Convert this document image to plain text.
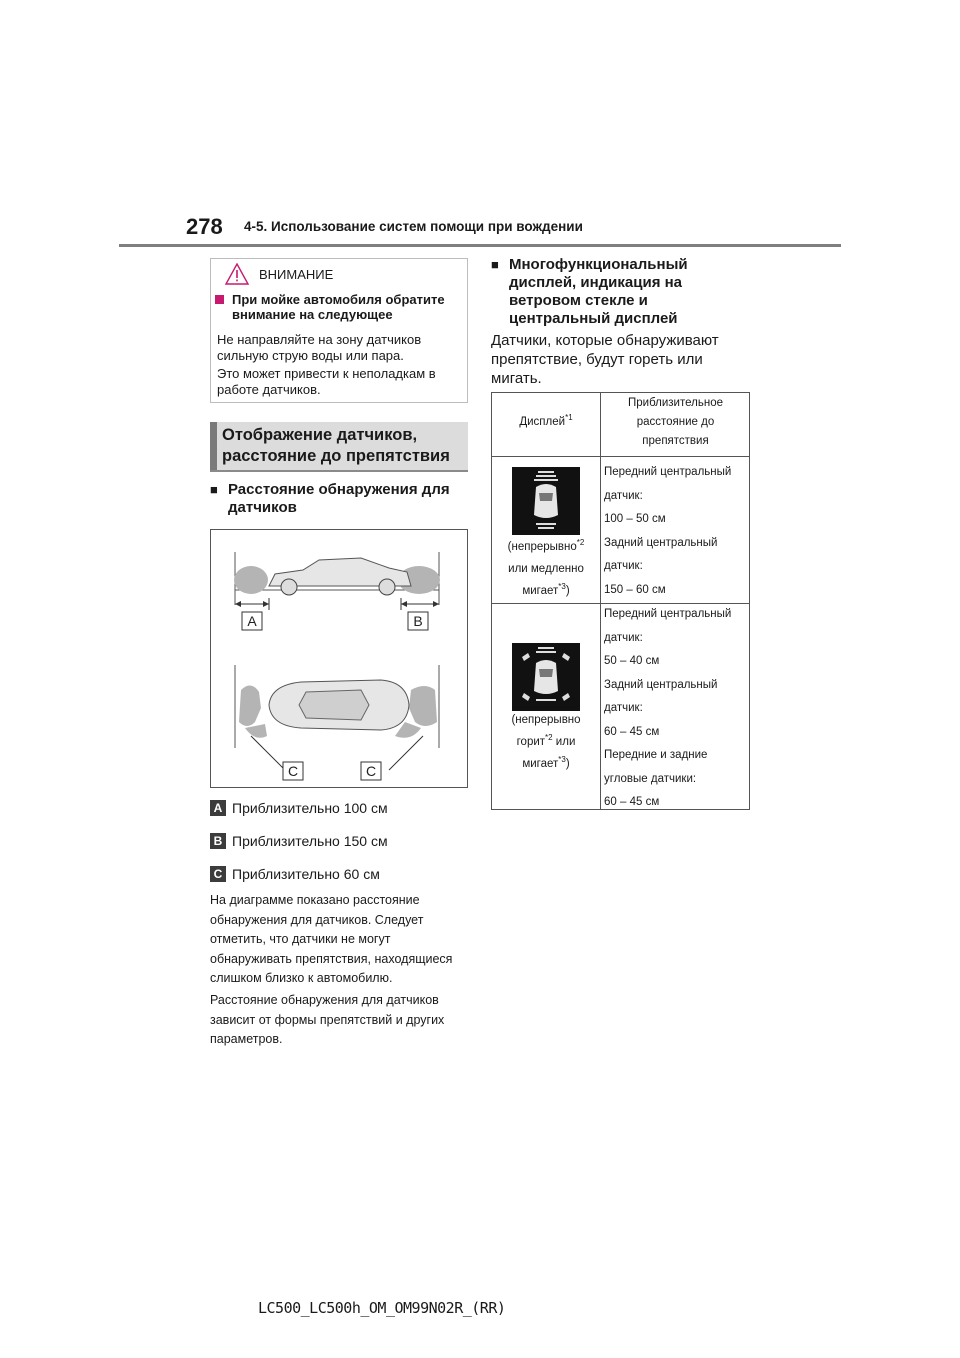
278 4-5. Использование систем помощи при вождении
ВНИМАНИЕ
При мойке автомобиля обратите внимание на следующее
Не направляйте на зону датчиков сильную струю воды или пара.
Это может привести к неполадкам в работе датчиков.
Отображение датчиков, расстояние до препятствия
■ Расстояние обнаружения для датчиков
A	B
C	C
A Приблизительно 100 см
B Приблизительно 150 см
C Приблизительно 60 см
На диаграмме показано расстояние обнаружения для датчиков. Следует отметить, что датчики не могут обнаруживать препятствия, находящиеся слишком близко к автомобилю.
Расстояние обнаружения для датчиков зависит от формы препятствий и других параметров.
■ Многофункциональный дисплей, индикация на ветровом стекле и центральный дисплей
Датчики, которые обнаруживают препятствие, будут гореть или мигать.
Дисплей$^{*1}$
Приблизительное расстояние до препятствия
(непрерывно$^{*2}$
или медленно
мигает$^{*3}$)
Передний центральный
датчик:
100 – 50 см
Задний центральный
датчик:
150 – 60 см
(непрерывно
горит$^{*2}$ или
мигает$^{*3}$)
Передний центральный
датчик:
50 – 40 см
Задний центральный
датчик:
60 – 45 см
Передние и задние
угловые датчики:
60 – 45 см
LC500_LC500h_OM_OM99N02R_(RR)
